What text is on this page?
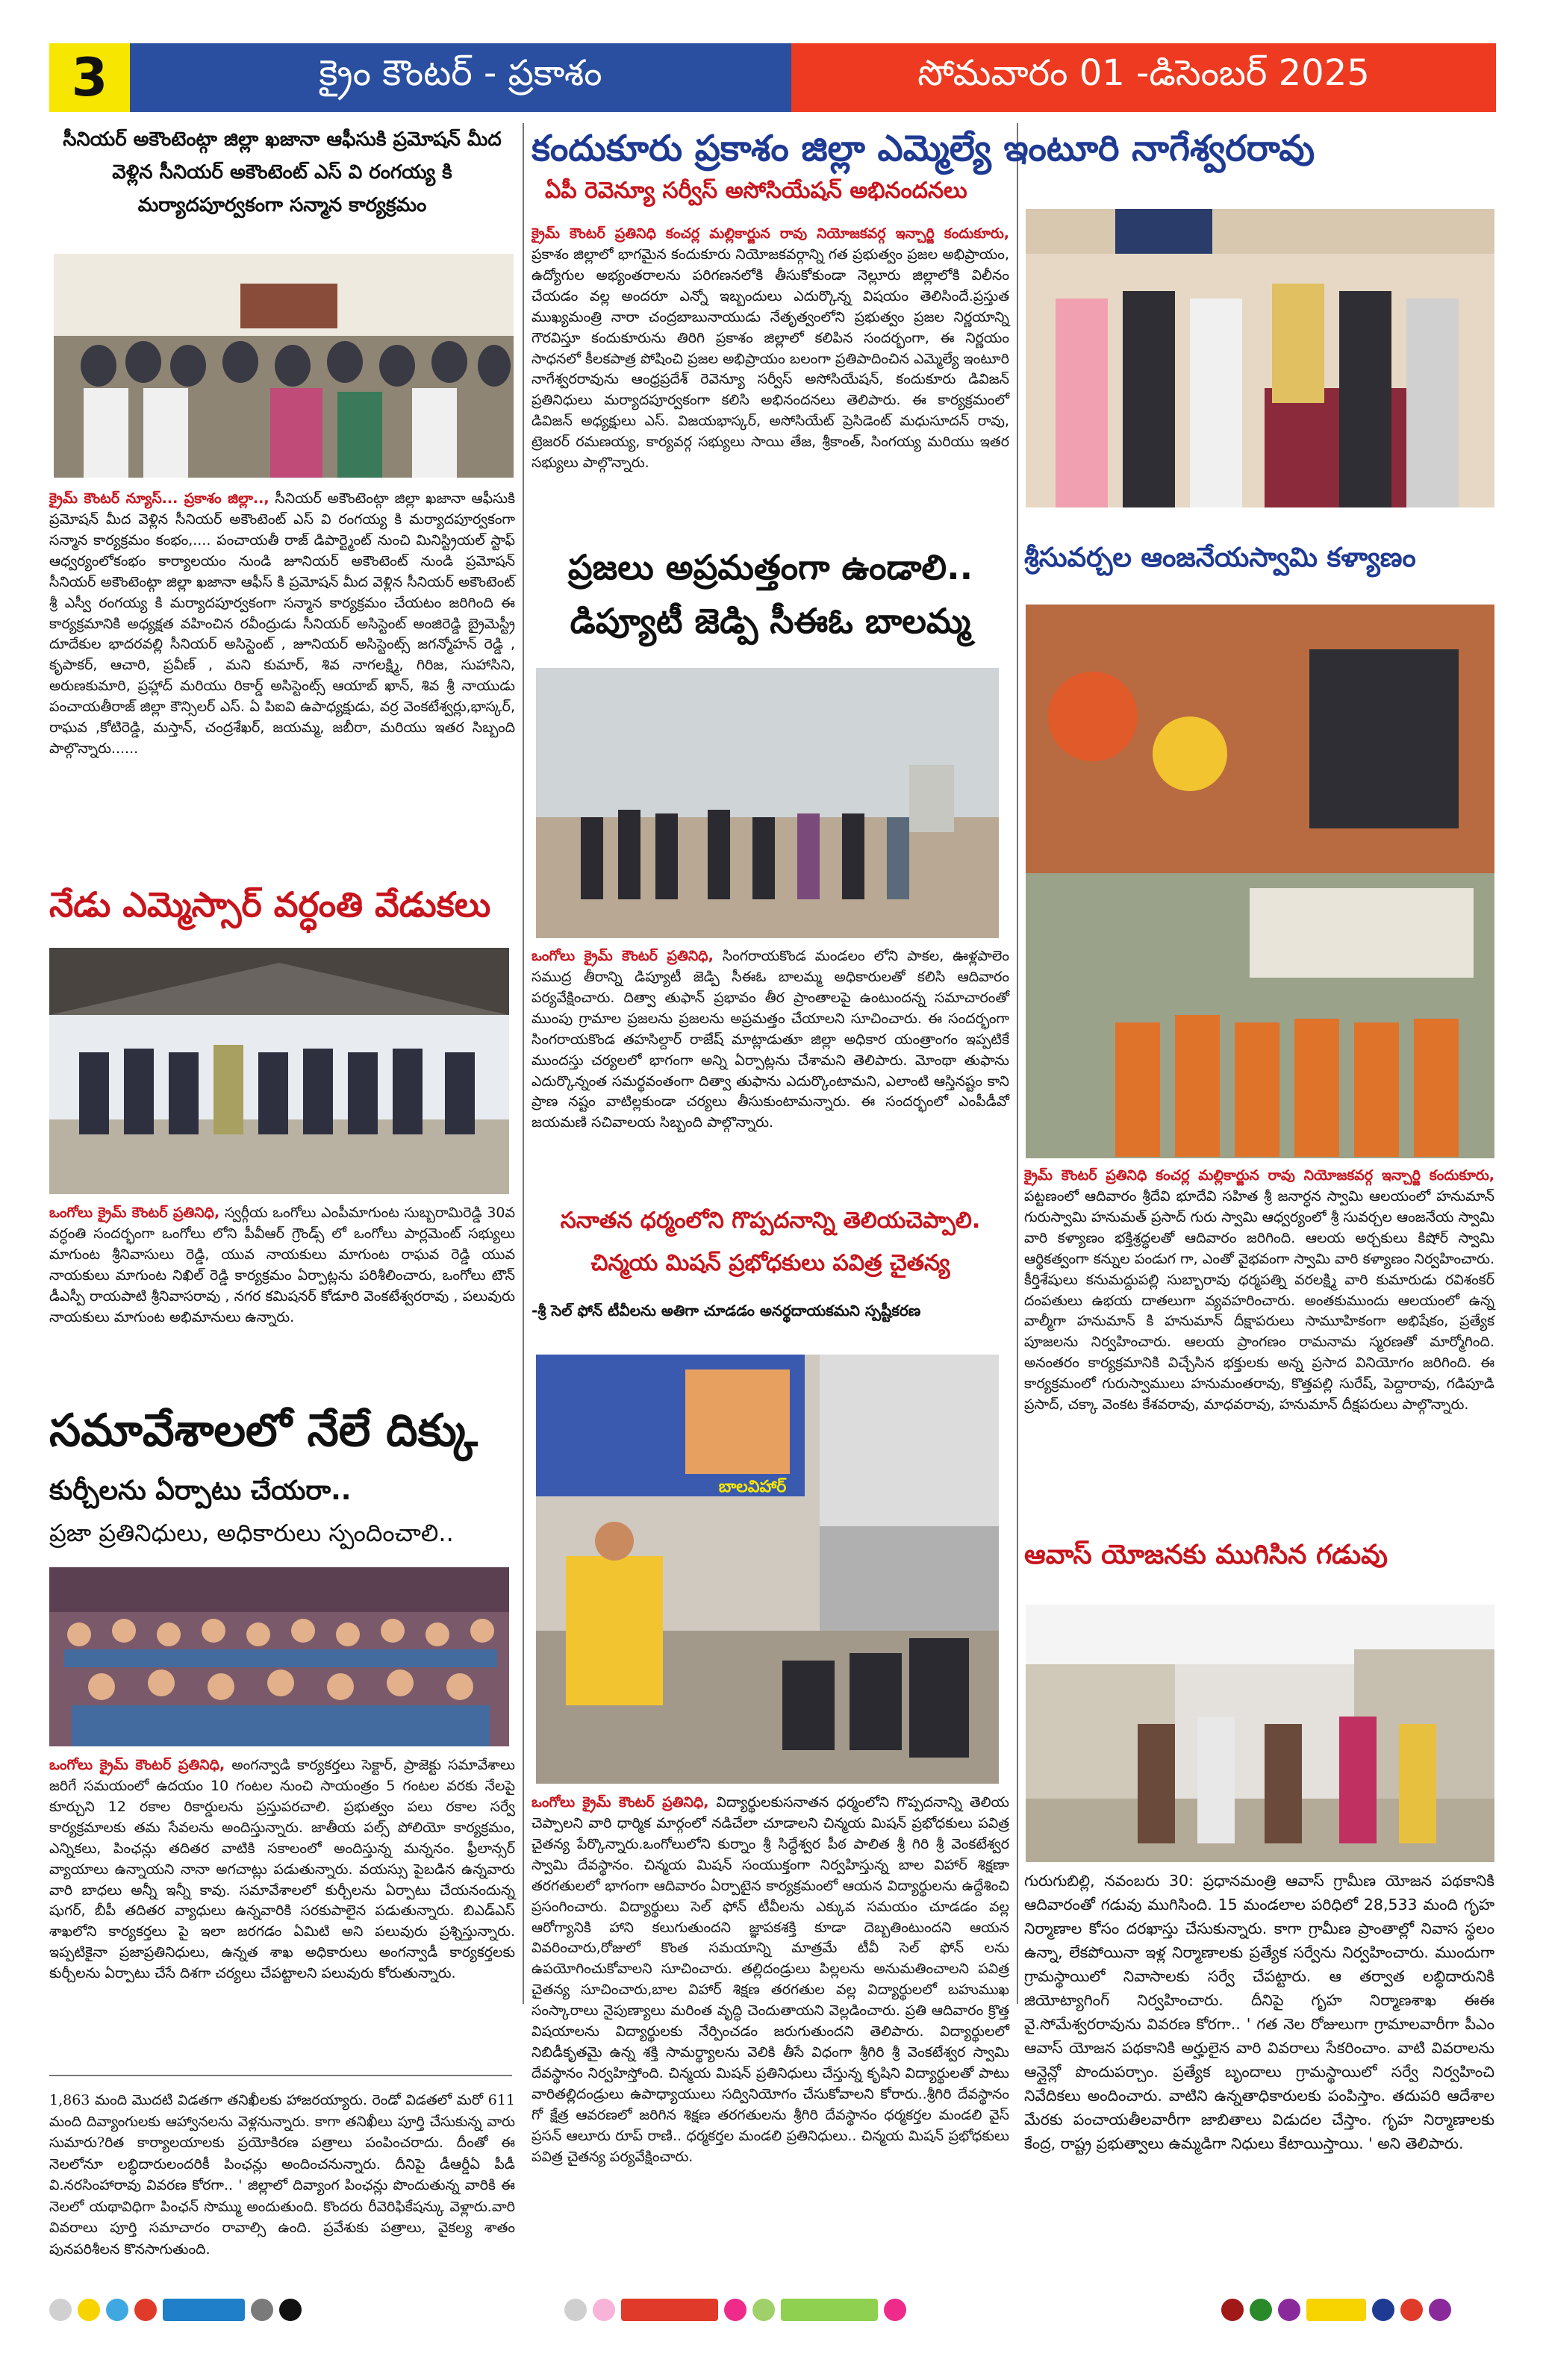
3	క్రైం కౌంటర్ - ప్రకాశం	సోమవారం 01 -డిసెంబర్ 2025
సీనియర్ అకౌంటెంట్గా జిల్లా ఖజానా ఆఫీసుకి ప్రమోషన్ మీద వెళ్లిన సీనియర్ అకౌంటెంట్ ఎస్ వి రంగయ్య కి మర్యాదపూర్వకంగా సన్మాన కార్యక్రమం
క్రైమ్ కౌంటర్ న్యూస్... ప్రకాశం జిల్లా.., సీనియర్ అకౌంటెంట్గా జిల్లా ఖజానా ఆఫీసుకి ప్రమోషన్ మీద వెళ్లిన సీనియర్ అకౌంటెంట్ ఎస్ వి రంగయ్య కి మర్యాదపూర్వకంగా సన్మాన కార్యక్రమం కంభం,.... పంచాయతీ రాజ్ డిపార్ట్మెంట్ నుంచి మినిస్ట్రియల్ స్టాఫ్ ఆధ్వర్యంలోకంభం కార్యాలయం నుండి జూనియర్ అకౌంటెంట్ నుండి ప్రమోషన్ సీనియర్ అకౌంటెంట్గా జిల్లా ఖజానా ఆఫీస్ కి ప్రమోషన్ మీద వెళ్లిన సీనియర్ అకౌంటెంట్ శ్రీ ఎస్వీ రంగయ్య కి మర్యాదపూర్వకంగా సన్మాన కార్యక్రమం చేయటం జరిగింది ఈ కార్యక్రమానికి అధ్యక్షత వహించిన రవీంద్రుడు సీనియర్ అసిస్టెంట్ అంజిరెడ్డి బ్రైమెస్ట్రీ దూదేకుల భాదరవల్లి సీనియర్ అసిస్టెంట్ , జూనియర్ అసిస్టెంట్స్ జగన్మోహన్ రెడ్డి , కృపాకర్, ఆచారి, ప్రవీణ్ , మని కుమార్, శివ నాగలక్ష్మి, గిరిజ, సుహాసిని, అరుణకుమారి, ప్రహ్లాద్ మరియు రికార్డ్ అసిస్టెంట్స్ ఆయాబ్ ఖాన్, శివ శ్రీ నాయుడు పంచాయతీరాజ్ జిల్లా కౌన్సిలర్ ఎస్. ఏ పిఐవి ఉపాధ్యక్షుడు, వర్ర వెంకటేశ్వర్లు,భాస్కర్, రాఘవ ,కోటిరెడ్డి, మస్తాన్, చంద్రశేఖర్, జయమ్మ, జబీరా, మరియు ఇతర సిబ్బంది పాల్గొన్నారు......
నేడు ఎమ్మెస్సార్ వర్ధంతి వేడుకలు
ఒంగోలు క్రైమ్ కౌంటర్ ప్రతినిధి, స్వర్గీయ ఒంగోలు ఎంపీమాగుంట సుబ్బరామిరెడ్డి 30వ వర్ధంతి సందర్భంగా ఒంగోలు లోని పీవీఆర్ గ్రౌండ్స్ లో ఒంగోలు పార్లమెంట్ సభ్యులు మాగుంట శ్రీనివాసులు రెడ్డి, యువ నాయకులు మాగుంట రాఘవ రెడ్డి యువ నాయకులు మాగుంట నిఖిల్ రెడ్డి కార్యక్రమం ఏర్పాట్లను పరిశీలించారు, ఒంగోలు టౌన్ డీఎస్పీ రాయపాటి శ్రీనివాసరావు , నగర కమిషనర్ కోడూరి వెంకటేశ్వరరావు , పలువురు నాయకులు మాగుంట అభిమానులు ఉన్నారు.
సమావేశాలలో నేలే దిక్కు
కుర్చీలను ఏర్పాటు చేయరా..
ప్రజా ప్రతినిధులు, అధికారులు స్పందించాలి..
ఒంగోలు క్రైమ్ కౌంటర్ ప్రతినిధి, అంగన్వాడి కార్యకర్తలు సెక్టార్, ప్రాజెక్టు సమావేశాలు జరిగే సమయంలో ఉదయం 10 గంటల నుంచి సాయంత్రం 5 గంటల వరకు నేలపై కూర్చుని 12 రకాల రికార్డులను ప్రస్తుపరచాలి. ప్రభుత్వం పలు రకాల సర్వే కార్యక్రమాలకు తమ సేవలను అందిస్తున్నారు. జాతీయ పల్స్ పోలియో కార్యక్రమం, ఎన్నికలు, పింఛన్లు తదితర వాటికి సకాలంలో అందిస్తున్న మన్ననం. ఫ్రీలాన్సర్ వ్యాయాలు ఉన్నాయని నానా అగచాట్లు పడుతున్నారు. వయస్సు పైబడిన ఉన్నవారు వారి బాధలు అన్నీ ఇన్నీ కావు. సమావేశాలలో కుర్చీలను ఏర్పాటు చేయనందున్న షుగర్, బీపీ తదితర వ్యాధులు ఉన్నవారికి సరకుపాలైన పడుతున్నారు. బిఎడ్ఎస్ శాఖలోని కార్యకర్తలు పై ఇలా జరగడం ఏమిటి అని పలువురు ప్రశ్నిస్తున్నారు. ఇప్పటికైనా ప్రజాప్రతినిధులు, ఉన్నత శాఖ అధికారులు అంగన్వాడీ కార్యకర్తలకు కుర్చీలను ఏర్పాటు చేసే దిశగా చర్యలు చేపట్టాలని పలువురు కోరుతున్నారు.
1,863 మంది మొదటి విడతగా తనిఖీలకు హాజరయ్యారు. రెండో విడతలో మరో 611 మంది దివ్యాంగులకు ఆహ్వానలను వెళ్లనున్నారు. కాగా తనిఖీలు పూర్తి చేసుకున్న వారు సుమారు?రిత కార్యాలయాలకు ప్రయోకిరణ పత్రాలు పంపించరాదు. దీంతో ఈ నెలలోనూ లబ్ధిదారులందరికీ పింఛన్లు అందించనున్నారు. దీనిపై డీఆర్డీఏ పీడీ వి.నరసింహారావు వివరణ కోరగా.. ' జిల్లాలో దివ్యాంగ పింఛన్లు పొందుతున్న వారికి ఈ నెలలో యథావిధిగా పింఛన్ సొమ్ము అందుతుంది. కొందరు రీవెరిఫికేషన్కు వెళ్లారు.వారి వివరాలు పూర్తి సమాచారం రావాల్సి ఉంది. ప్రవేశుకు పత్రాలు, వైకల్య శాతం పునపరిశీలన కొనసాగుతుంది.
కందుకూరు ప్రకాశం జిల్లా ఎమ్మెల్యే ఇంటూరి నాగేశ్వరరావు
ఏపీ రెవెన్యూ సర్వీస్ అసోసియేషన్ అభినందనలు
క్రైమ్ కౌంటర్ ప్రతినిధి కంచర్ల మల్లికార్జున రావు నియోజకవర్గ ఇన్చార్జి కందుకూరు, ప్రకాశం జిల్లాలో భాగమైన కందుకూరు నియోజకవర్గాన్ని గత ప్రభుత్వం ప్రజల అభిప్రాయం, ఉద్యోగుల అభ్యంతరాలను పరిగణనలోకి తీసుకోకుండా నెల్లూరు జిల్లాలోకి విలీనం చేయడం వల్ల అందరూ ఎన్నో ఇబ్బందులు ఎదుర్కొన్న విషయం తెలిసిందే.ప్రస్తుత ముఖ్యమంత్రి నారా చంద్రబాబునాయుడు నేతృత్వంలోని ప్రభుత్వం ప్రజల నిర్ణయాన్ని గౌరవిస్తూ కందుకూరును తిరిగి ప్రకాశం జిల్లాలో కలిపిన సందర్భంగా, ఈ నిర్ణయం సాధనలో కీలకపాత్ర పోషించి ప్రజల అభిప్రాయం బలంగా ప్రతిపాదించిన ఎమ్మెల్యే ఇంటూరి నాగేశ్వరరావును ఆంధ్రప్రదేశ్ రెవెన్యూ సర్వీస్ అసోసియేషన్, కందుకూరు డివిజన్ ప్రతినిధులు మర్యాదపూర్వకంగా కలిసి అభినందనలు తెలిపారు. ఈ కార్యక్రమంలో డివిజన్ అధ్యక్షులు ఎస్. విజయభాస్కర్, అసోసియేట్ ప్రెసిడెంట్ మధుసూదన్ రావు, ట్రెజరర్ రమణయ్య, కార్యవర్గ సభ్యులు సాయి తేజ, శ్రీకాంత్, సింగయ్య మరియు ఇతర సభ్యులు పాల్గొన్నారు.
ప్రజలు అప్రమత్తంగా ఉండాలి..
డిప్యూటీ జెడ్పి సీఈఓ బాలమ్మ
ఒంగోలు క్రైమ్ కౌంటర్ ప్రతినిధి, సింగరాయకొండ మండలం లోని పాకల, ఊళ్లపాలెం సముద్ర తీరాన్ని డిప్యూటీ జెడ్పి సీఈఓ బాలమ్మ అధికారులతో కలిసి ఆదివారం పర్యవేక్షించారు. దిత్వా తుఫాన్ ప్రభావం తీర ప్రాంతాలపై ఉంటుందన్న సమాచారంతో ముంపు గ్రామాల ప్రజలను ప్రజలను అప్రమత్తం చేయాలని సూచించారు. ఈ సందర్భంగా సింగరాయకొండ తహసిల్దార్ రాజేష్ మాట్లాడుతూ జిల్లా అధికార యంత్రాంగం ఇప్పటికే ముందస్తు చర్యలలో భాగంగా అన్ని ఏర్పాట్లను చేశామని తెలిపారు. మోంథా తుఫాను ఎదుర్కొన్నంత సమర్థవంతంగా దిత్వా తుఫాను ఎదుర్కొంటామని, ఎలాంటి ఆస్తినష్టం కాని ప్రాణ నష్టం వాటిల్లకుండా చర్యలు తీసుకుంటామన్నారు. ఈ సందర్భంలో ఎంపీడీవో జయమణి సచివాలయ సిబ్బంది పాల్గొన్నారు.
సనాతన ధర్మంలోని గొప్పదనాన్ని తెలియచెప్పాలి.
చిన్మయ మిషన్ ప్రభోధకులు పవిత్ర చైతన్య
-శ్రీ సెల్ ఫోన్ టీవీలను అతిగా చూడడం అనర్థదాయకమని స్పష్టీకరణ
బాలవిహార్
ఒంగోలు క్రైమ్ కౌంటర్ ప్రతినిధి, విద్యార్థులకుసనాతన ధర్మంలోని గొప్పదనాన్ని తెలియ చెప్పాలని వారి ధార్మిక మార్గంలో నడిచేలా చూడాలని చిన్మయ మిషన్ ప్రభోధకులు పవిత్ర చైతన్య పేర్కొన్నారు.ఒంగోలులోని కుర్నాం శ్రీ సిద్ధేశ్వర పీఠ పాలిత శ్రీ గిరి శ్రీ వెంకటేశ్వర స్వామి దేవస్థానం. చిన్మయ మిషన్ సంయుక్తంగా నిర్వహిస్తున్న బాల విహార్ శిక్షణా తరగతులలో భాగంగా ఆదివారం ఏర్పాటైన కార్యక్రమంలో ఆయన విద్యార్థులను ఉద్దేశించి ప్రసంగించారు. విద్యార్థులు సెల్ ఫోన్ టీవీలను ఎక్కువ సమయం చూడడం వల్ల ఆరోగ్యానికి హాని కలుగుతుందని జ్ఞాపకశక్తి కూడా దెబ్బతింటుందని ఆయన వివరించారు,రోజులో కొంత సమయాన్ని మాత్రమే టీవీ సెల్ ఫోన్ లను ఉపయోగించుకోవాలని సూచించారు. తల్లిదండ్రులు పిల్లలను అనుమతించాలని పవిత్ర చైతన్య సూచించారు,బాల విహార్ శిక్షణ తరగతుల వల్ల విద్యార్థులలో బహుముఖ సంస్కారాలు నైపుణ్యాలు మరింత వృద్ధి చెందుతాయని వెల్లడించారు. ప్రతి ఆదివారం క్రొత్త విషయాలను విద్యార్థులకు నేర్పించడం జరుగుతుందని తెలిపారు. విద్యార్థులలో నిబిడీకృతమై ఉన్న శక్తి సామర్థ్యాలను వెలికి తీసే విధంగా శ్రీగిరి శ్రీ వెంకటేశ్వర స్వామి దేవస్థానం నిర్వహిస్తోంది. చిన్మయ మిషన్ ప్రతినిధులు చేస్తున్న కృషిని విద్యార్థులతో పాటు వారితల్లిదండ్రులు ఉపాధ్యాయులు సద్వినియోగం చేసుకోవాలని కోరారు..శ్రీగిరి దేవస్థానం గో క్షేత్ర ఆవరణలో జరిగిన శిక్షణ తరగతులను శ్రీగిరి దేవస్థానం ధర్మకర్తల మండలి వైస్ ప్రసన్ ఆలూరు రూప్ రాణి.. ధర్మకర్తల మండలి ప్రతినిధులు.. చిన్మయ మిషన్ ప్రభోధకులు పవిత్ర చైతన్య పర్యవేక్షించారు.
శ్రీసువర్చల ఆంజనేయస్వామి కళ్యాణం
క్రైమ్ కౌంటర్ ప్రతినిధి కంచర్ల మల్లికార్జున రావు నియోజకవర్గ ఇన్చార్జి కందుకూరు, పట్టణంలో ఆదివారం శ్రీదేవి భూదేవి సహిత శ్రీ జనార్ధన స్వామి ఆలయంలో హనుమాన్ గురుస్వామి హనుమత్ ప్రసాద్ గురు స్వామి ఆధ్వర్యంలో శ్రీ సువర్చల ఆంజనేయ స్వామి వారి కళ్యాణం భక్తిశ్రద్ధలతో ఆదివారం జరిగింది. ఆలయ అర్చకులు కిషోర్ స్వామి ఆర్థికత్వంగా కన్నుల పండుగ గా, ఎంతో వైభవంగా స్వామి వారి కళ్యాణం నిర్వహించారు. కీర్తిశేషులు కనుమద్దుపల్లి సుబ్బారావు ధర్మపత్ని వరలక్ష్మి వారి కుమారుడు రవిశంకర్ దంపతులు ఉభయ దాతలుగా వ్యవహరించారు. అంతకుముందు ఆలయంలో ఉన్న వాల్మీగా హనుమాన్ కి హనుమాన్ దీక్షాపరులు సామూహికంగా అభిషేకం, ప్రత్యేక పూజలను నిర్వహించారు. ఆలయ ప్రాంగణం రామనామ స్మరణతో మార్మోగింది. అనంతరం కార్యక్రమానికి విచ్చేసిన భక్తులకు అన్న ప్రసాద వినియోగం జరిగింది. ఈ కార్యక్రమంలో గురుస్వాములు హనుమంతరావు, కొత్తపల్లి సురేష్, పెద్దారావు, గడిపూడి ప్రసాద్, చక్కా వెంకట కేశవరావు, మాధవరావు, హనుమాన్ దీక్షపరులు పాల్గొన్నారు.
ఆవాస్ యోజనకు ముగిసిన గడువు
గురుగుబిల్లి, నవంబరు 30: ప్రధానమంత్రి ఆవాస్ గ్రామీణ యోజన పథకానికి ఆదివారంతో గడువు ముగిసింది. 15 మండలాల పరిధిలో 28,533 మంది గృహ నిర్మాణాల కోసం దరఖాస్తు చేసుకున్నారు. కాగా గ్రామీణ ప్రాంతాల్లో నివాస స్థలం ఉన్నా, లేకపోయినా ఇళ్ల నిర్మాణాలకు ప్రత్యేక సర్వేను నిర్వహించారు. ముందుగా గ్రామస్థాయిలో నివాసాలకు సర్వే చేపట్టారు. ఆ తర్వాత లబ్ధిదారునికి జియోట్యాగింగ్ నిర్వహించారు. దీనిపై గృహ నిర్మాణశాఖ ఈఈ వై.సోమేశ్వరరావును వివరణ కోరగా.. ' గత నెల రోజులుగా గ్రామాలవారీగా పీఎం ఆవాస్ యోజన పథకానికి అర్హులైన వారి వివరాలు సేకరించాం. వాటి వివరాలను ఆన్లైన్లో పొందుపర్చాం. ప్రత్యేక బృందాలు గ్రామస్థాయిలో సర్వే నిర్వహించి నివేదికలు అందించారు. వాటిని ఉన్నతాధికారులకు పంపిస్తాం. తదుపరి ఆదేశాల మేరకు పంచాయతీలవారీగా జాబితాలు విడుదల చేస్తాం. గృహ నిర్మాణాలకు కేంద్ర, రాష్ట్ర ప్రభుత్వాలు ఉమ్మడిగా నిధులు కేటాయిస్తాయి. ' అని తెలిపారు.
